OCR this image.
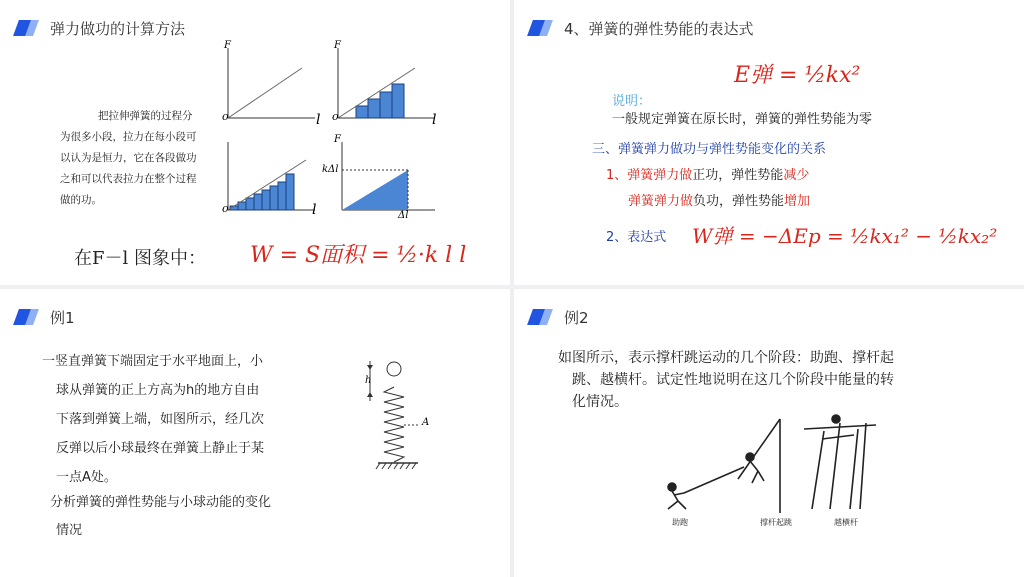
弹力做功的计算方法
F	F
F
l	l
l
o	o
o
kΔl
Δl
把拉伸弹簧的过程分
为很多小段，拉力在每小段可
以认为是恒力，它在各段做功
之和可以代表拉力在整个过程
做的功。
在F－l 图象中： W = S面积 = ½·k l l
4、弹簧的弹性势能的表达式
E弹 = ½kx²
说明：
一般规定弹簧在原长时，弹簧的弹性势能为零
三、弹簧弹力做功与弹性势能变化的关系
1、弹簧弹力做正功，弹性势能减少
弹簧弹力做负功，弹性势能增加
2、表达式 W弹 = −ΔEp = ½kx₁² − ½kx₂²
例1
一竖直弹簧下端固定于水平地面上，小
球从弹簧的正上方高为h的地方自由
下落到弹簧上端，如图所示，经几次
反弹以后小球最终在弹簧上静止于某
一点A处。
分析弹簧的弹性势能与小球动能的变化
情况
h
A
例2
如图所示，表示撑杆跳运动的几个阶段：助跑、撑杆起
跳、越横杆。试定性地说明在这几个阶段中能量的转
化情况。
助跑	撑杆起跳	越横杆
